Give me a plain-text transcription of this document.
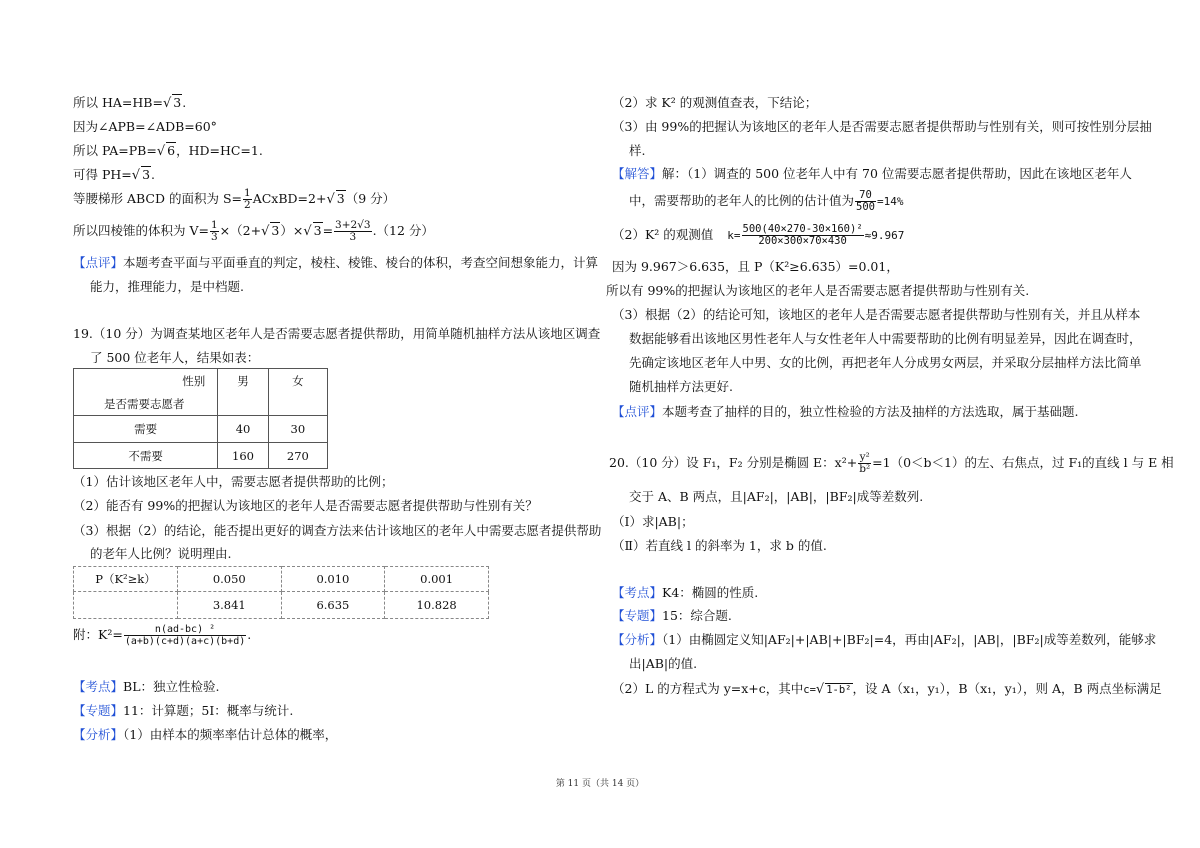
所以 HA=HB=√ 3.
因为∠APB=∠ADB=60°
所以 PA=PB=√ 6，HD=HC=1.
可得 PH=√ 3.
等腰梯形 ABCD 的面积为 $S= \frac{1}{2}$ ACxBD=2+√ 3（9 分）
所以四棱锥的体积为 $V= \frac{1}{3} \times(2+√$ 3）×√ $3= \frac{3+2√3}{3} .(12$ 分）
【点评】本题考查平面与平面垂直的判定，棱柱、棱锥、棱台的体积，考查空间想象能力，计算
能力，推理能力，是中档题.
19.（10 分）为调查某地区老年人是否需要志愿者提供帮助，用简单随机抽样方法从该地区调查
了 500 位老年人，结果如表：
性别
是否需要志愿者	男	女
需要	40	30
不需要	160	270
（1）估计该地区老年人中，需要志愿者提供帮助的比例；
（2）能否有 99%的把握认为该地区的老年人是否需要志愿者提供帮助与性别有关？
（3）根据（2）的结论，能否提出更好的调查方法来估计该地区的老年人中需要志愿者提供帮助
的老年人比例？说明理由.
P（K²≥k）	0.050	0.010	0.001
	3.841	6.635	10.828
附：$K^2= \frac{\text{n(ad-bc) ²}}{(a+b)(c+d)(a+c)(b+d)}$ .
【考点】BL：独立性检验.
【专题】11：计算题；5I：概率与统计.
【分析】（1）由样本的频率率估计总体的概率，
（2）求 K² 的观测值查表，下结论；
（3）由 99%的把握认为该地区的老年人是否需要志愿者提供帮助与性别有关，则可按性别分层抽
样.
【解答】解：（1）调查的 500 位老年人中有 70 位需要志愿者提供帮助，因此在该地区老年人
中，需要帮助的老年人的比例的估计值为 $\frac{70}{500} =14\%$
（2）K² 的观测值 $k= \frac{\text{500(40×270-30×160)²}}{200\times 300\times 70\times 430} \approx 9.967$
因为 9.967＞6.635，且 P（K²≥6.635）=0.01，
所以有 99%的把握认为该地区的老年人是否需要志愿者提供帮助与性别有关.
（3）根据（2）的结论可知，该地区的老年人是否需要志愿者提供帮助与性别有关，并且从样本
数据能够看出该地区男性老年人与女性老年人中需要帮助的比例有明显差异，因此在调查时，
先确定该地区老年人中男、女的比例，再把老年人分成男女两层，并采取分层抽样方法比简单
随机抽样方法更好.
【点评】本题考查了抽样的目的，独立性检验的方法及抽样的方法选取，属于基础题.
20.（10 分）设 F₁，F₂ 分别是椭圆 E：$x^2+ \frac{\text{y²}}{\text{b²}} =1(0<b<1)$的左、右焦点，过 F₁的直线 l 与 E 相
交于 A、B 两点，且|AF₂|，|AB|，|BF₂|成等差数列.
（Ⅰ）求|AB|；
（Ⅱ）若直线 l 的斜率为 1，求 b 的值.
【考点】K4：椭圆的性质.
【专题】15：综合题.
【分析】（1）由椭圆定义知|AF₂|+|AB|+|BF₂|=4，再由|AF₂|，|AB|，|BF₂|成等差数列，能够求
出|AB|的值.
（2）L 的方程式为 y=x+c，其中c=√ 1-b²，设 A（x₁，y₁），B（x₁，y₁），则 A，B 两点坐标满足
第 11 页（共 14 页）
